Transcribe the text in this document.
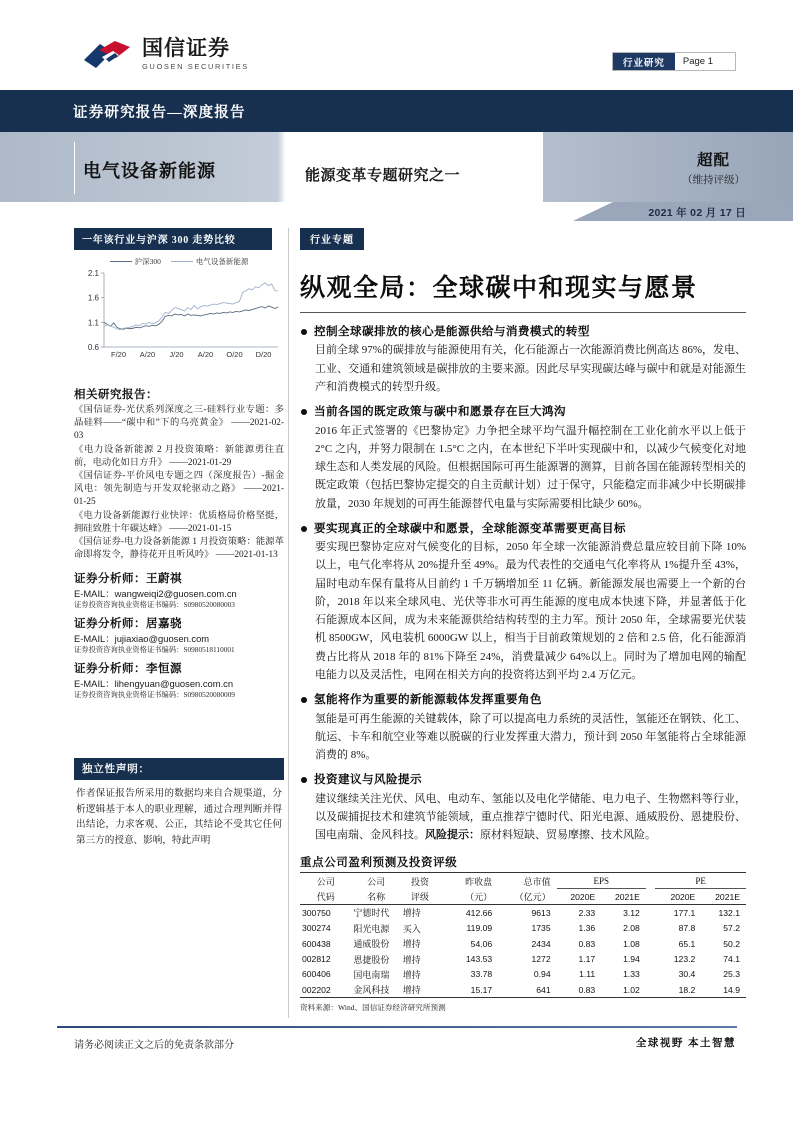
国信证券
GUOSEN SECURITIES	行业研究	Page 1
证券研究报告—深度报告
电气设备新能源	能源变革专题研究之一
超配
（维持评级）
2021 年 02 月 17 日
一年该行业与沪深 300 走势比较
沪深300	电气设备新能源
0.6
1.1
1.6
2.1
F/20 A/20 J/20 A/20 O/20 D/20
相关研究报告：
《国信证券-光伏系列深度之三-硅料行业专题：多晶硅料——“碳中和”下的乌亮黄金》 ——2021-02-03
《电力设备新能源 2 月投资策略：新能源勇往直前，电动化如日方升》 ——2021-01-29
《国信证券-平价风电专题之四（深度报告）-掘金风电：领先制造与开发双轮驱动之路》 ——2021-01-25
《电力设备新能源行业快评：优质格局价格坚挺，拥硅致胜十年碳达峰》 ——2021-01-15
《国信证券-电力设备新能源 1 月投资策略：能源革命即将发令，静待花开且听风吟》 ——2021-01-13
证券分析师：王蔚祺
E-MAIL：wangweiqi2@guosen.com.cn
证券投资咨询执业资格证书编码：S0980520080003
证券分析师：居嘉骁
E-MAIL：jujiaxiao@guosen.com
证券投资咨询执业资格证书编码：S0980518110001
证券分析师：李恒源
E-MAIL：lihengyuan@guosen.com.cn
证券投资咨询执业资格证书编码：S0980520080009
独立性声明：
作者保证报告所采用的数据均来自合规渠道，分析逻辑基于本人的职业理解，通过合理判断并得出结论，力求客观、公正，其结论不受其它任何第三方的授意、影响，特此声明
行业专题
纵观全局：全球碳中和现实与愿景
控制全球碳排放的核心是能源供给与消费模式的转型
目前全球 97%的碳排放与能源使用有关，化石能源占一次能源消费比例高达 86%，发电、工业、交通和建筑领域是碳排放的主要来源。因此尽早实现碳达峰与碳中和就是对能源生产和消费模式的转型升级。
当前各国的既定政策与碳中和愿景存在巨大鸿沟
2016 年正式签署的《巴黎协定》力争把全球平均气温升幅控制在工业化前水平以上低于 2°C 之内，并努力限制在 1.5°C 之内，在本世纪下半叶实现碳中和，以减少气候变化对地球生态和人类发展的风险。但根据国际可再生能源署的测算，目前各国在能源转型相关的既定政策（包括巴黎协定提交的自主贡献计划）过于保守，只能稳定而非减少中长期碳排放量，2030 年规划的可再生能源替代电量与实际需要相比缺少 60%。
要实现真正的全球碳中和愿景，全球能源变革需要更高目标
要实现巴黎协定应对气候变化的目标，2050 年全球一次能源消费总量应较目前下降 10%以上，电气化率将从 20%提升至 49%。最为代表性的交通电气化率将从 1%提升至 43%，届时电动车保有量将从目前约 1 千万辆增加至 11 亿辆。新能源发展也需要上一个新的台阶，2018 年以来全球风电、光伏等非水可再生能源的度电成本快速下降，并显著低于化石能源成本区间，成为未来能源供给结构转型的主力军。预计 2050 年，全球需要光伏装机 8500GW，风电装机 6000GW 以上，相当于目前政策规划的 2 倍和 2.5 倍，化石能源消费占比将从 2018 年的 81%下降至 24%，消费量减少 64%以上。同时为了增加电网的输配电能力以及灵活性，电网在相关方向的投资将达到平均 2.4 万亿元。
氢能将作为重要的新能源载体发挥重要角色
氢能是可再生能源的关键载体，除了可以提高电力系统的灵活性，氢能还在钢铁、化工、航运、卡车和航空业等难以脱碳的行业发挥重大潜力，预计到 2050 年氢能将占全球能源消费的 8%。
投资建议与风险提示
建议继续关注光伏、风电、电动车、氢能以及电化学储能、电力电子、生物燃料等行业，以及碳捕捉技术和建筑节能领域，重点推荐宁德时代、阳光电源、通威股份、恩捷股份、国电南瑞、金风科技。风险提示：原材料短缺、贸易摩擦、技术风险。
重点公司盈利预测及投资评级
公司	公司	投资	昨收盘	总市值	EPS			PE	
代码	名称	评级	（元）	（亿元）	2020E	2021E		2020E	2021E
300750	宁德时代	增持	412.66	9613	2.33	3.12		177.1	132.1
300274	阳光电源	买入	119.09	1735	1.36	2.08		87.8	57.2
600438	通威股份	增持	54.06	2434	0.83	1.08		65.1	50.2
002812	恩捷股份	增持	143.53	1272	1.17	1.94		123.2	74.1
600406	国电南瑞	增持	33.78	0.94	1.11	1.33		30.4	25.3
002202	金风科技	增持	15.17	641	0.83	1.02		18.2	14.9
资料来源：Wind、国信证券经济研究所预测
请务必阅读正文之后的免责条款部分	全球视野 本土智慧
